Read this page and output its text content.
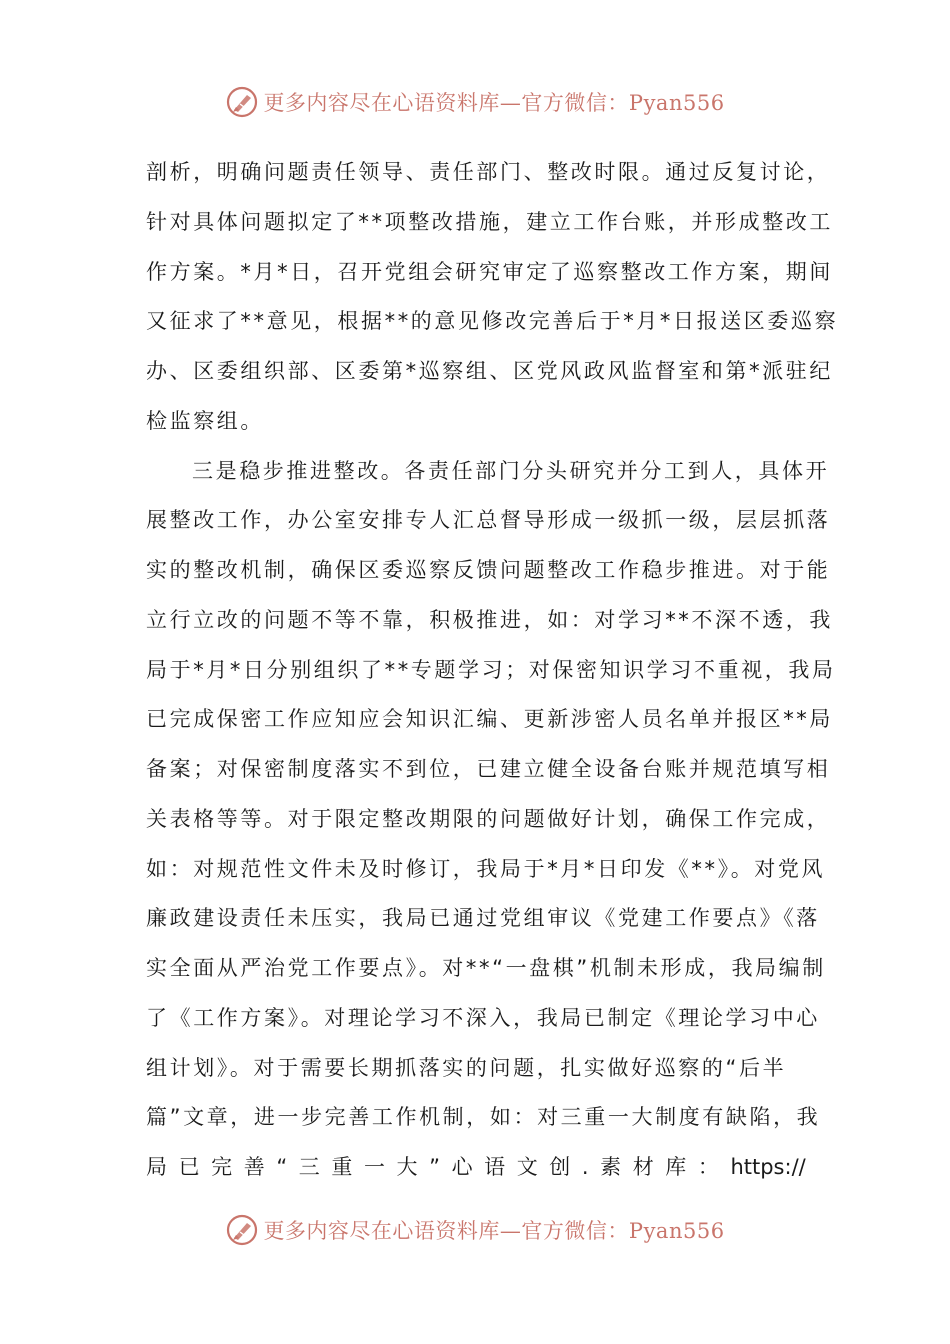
更多内容尽在心语资料库—官方微信：Pyan556
剖析，明确问题责任领导、责任部门、整改时限。通过反复讨论，
针对具体问题拟定了**项整改措施，建立工作台账，并形成整改工
作方案。*月*日，召开党组会研究审定了巡察整改工作方案，期间
又征求了**意见，根据**的意见修改完善后于*月*日报送区委巡察
办、区委组织部、区委第*巡察组、区党风政风监督室和第*派驻纪
检监察组。
三是稳步推进整改。各责任部门分头研究并分工到人，具体开
展整改工作，办公室安排专人汇总督导形成一级抓一级，层层抓落
实的整改机制，确保区委巡察反馈问题整改工作稳步推进。对于能
立行立改的问题不等不靠，积极推进，如：对学习**不深不透，我
局于*月*日分别组织了**专题学习；对保密知识学习不重视，我局
已完成保密工作应知应会知识汇编、更新涉密人员名单并报区**局
备案；对保密制度落实不到位，已建立健全设备台账并规范填写相
关表格等等。对于限定整改期限的问题做好计划，确保工作完成，
如：对规范性文件未及时修订，我局于*月*日印发《**》。对党风
廉政建设责任未压实，我局已通过党组审议《党建工作要点》《落
实全面从严治党工作要点》。对**“一盘棋”机制未形成，我局编制
了《工作方案》。对理论学习不深入，我局已制定《理论学习中心
组计划》。对于需要长期抓落实的问题，扎实做好巡察的“后半
篇”文章，进一步完善工作机制，如：对三重一大制度有缺陷，我
局 已 完 善 “ 三 重 一 大 ” 心 语 文 创 . 素 材 库 ： https://
更多内容尽在心语资料库—官方微信：Pyan556
